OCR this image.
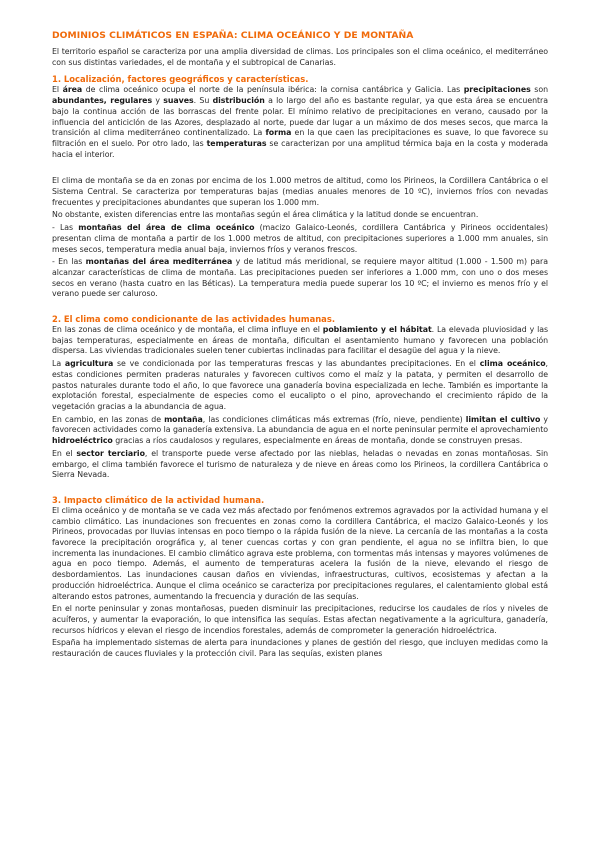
DOMINIOS CLIMÁTICOS EN ESPAÑA: CLIMA OCEÁNICO Y DE MONTAÑA

El territorio español se caracteriza por una amplia diversidad de climas. Los principales son el clima oceánico, el mediterráneo con sus distintas variedades, el de montaña y el subtropical de Canarias.

1. Localización, factores geográficos y características.

El área de clima oceánico ocupa el norte de la península ibérica: la cornisa cantábrica y Galicia. Las precipitaciones son abundantes, regulares y suaves. Su distribución a lo largo del año es bastante regular, ya que esta área se encuentra bajo la continua acción de las borrascas del frente polar. El mínimo relativo de precipitaciones en verano, causado por la influencia del anticiclón de las Azores, desplazado al norte, puede dar lugar a un máximo de dos meses secos, que marca la transición al clima mediterráneo continentalizado. La forma en la que caen las precipitaciones es suave, lo que favorece su filtración en el suelo. Por otro lado, las temperaturas se caracterizan por una amplitud térmica baja en la costa y moderada hacia el interior.

El clima de montaña se da en zonas por encima de los 1.000 metros de altitud, como los Pirineos, la Cordillera Cantábrica o el Sistema Central. Se caracteriza por temperaturas bajas (medias anuales menores de 10 ºC), inviernos fríos con nevadas frecuentes y precipitaciones abundantes que superan los 1.000 mm.

No obstante, existen diferencias entre las montañas según el área climática y la latitud donde se encuentran.

- Las montañas del área de clima oceánico (macizo Galaico-Leonés, cordillera Cantábrica y Pirineos occidentales) presentan clima de montaña a partir de los 1.000 metros de altitud, con precipitaciones superiores a 1.000 mm anuales, sin meses secos, temperatura media anual baja, inviernos fríos y veranos frescos.

- En las montañas del área mediterránea y de latitud más meridional, se requiere mayor altitud (1.000 - 1.500 m) para alcanzar características de clima de montaña. Las precipitaciones pueden ser inferiores a 1.000 mm, con uno o dos meses secos en verano (hasta cuatro en las Béticas). La temperatura media puede superar los 10 ºC; el invierno es menos frío y el verano puede ser caluroso.

2. El clima como condicionante de las actividades humanas.

En las zonas de clima oceánico y de montaña, el clima influye en el poblamiento y el hábitat. La elevada pluviosidad y las bajas temperaturas, especialmente en áreas de montaña, dificultan el asentamiento humano y favorecen una población dispersa. Las viviendas tradicionales suelen tener cubiertas inclinadas para facilitar el desagüe del agua y la nieve.

La agricultura se ve condicionada por las temperaturas frescas y las abundantes precipitaciones. En el clima oceánico, estas condiciones permiten praderas naturales y favorecen cultivos como el maíz y la patata, y permiten el desarrollo de pastos naturales durante todo el año, lo que favorece una ganadería bovina especializada en leche. También es importante la explotación forestal, especialmente de especies como el eucalipto o el pino, aprovechando el crecimiento rápido de la vegetación gracias a la abundancia de agua.

En cambio, en las zonas de montaña, las condiciones climáticas más extremas (frío, nieve, pendiente) limitan el cultivo y favorecen actividades como la ganadería extensiva. La abundancia de agua en el norte peninsular permite el aprovechamiento hidroeléctrico gracias a ríos caudalosos y regulares, especialmente en áreas de montaña, donde se construyen presas.

En el sector terciario, el transporte puede verse afectado por las nieblas, heladas o nevadas en zonas montañosas. Sin embargo, el clima también favorece el turismo de naturaleza y de nieve en áreas como los Pirineos, la cordillera Cantábrica o Sierra Nevada.

3. Impacto climático de la actividad humana.

El clima oceánico y de montaña se ve cada vez más afectado por fenómenos extremos agravados por la actividad humana y el cambio climático. Las inundaciones son frecuentes en zonas como la cordillera Cantábrica, el macizo Galaico-Leonés y los Pirineos, provocadas por lluvias intensas en poco tiempo o la rápida fusión de la nieve. La cercanía de las montañas a la costa favorece la precipitación orográfica y, al tener cuencas cortas y con gran pendiente, el agua no se infiltra bien, lo que incrementa las inundaciones. El cambio climático agrava este problema, con tormentas más intensas y mayores volúmenes de agua en poco tiempo. Además, el aumento de temperaturas acelera la fusión de la nieve, elevando el riesgo de desbordamientos. Las inundaciones causan daños en viviendas, infraestructuras, cultivos, ecosistemas y afectan a la producción hidroeléctrica. Aunque el clima oceánico se caracteriza por precipitaciones regulares, el calentamiento global está alterando estos patrones, aumentando la frecuencia y duración de las sequías.

En el norte peninsular y zonas montañosas, pueden disminuir las precipitaciones, reducirse los caudales de ríos y niveles de acuíferos, y aumentar la evaporación, lo que intensifica las sequías. Estas afectan negativamente a la agricultura, ganadería, recursos hídricos y elevan el riesgo de incendios forestales, además de comprometer la generación hidroeléctrica.

España ha implementado sistemas de alerta para inundaciones y planes de gestión del riesgo, que incluyen medidas como la restauración de cauces fluviales y la protección civil. Para las sequías, existen planes
